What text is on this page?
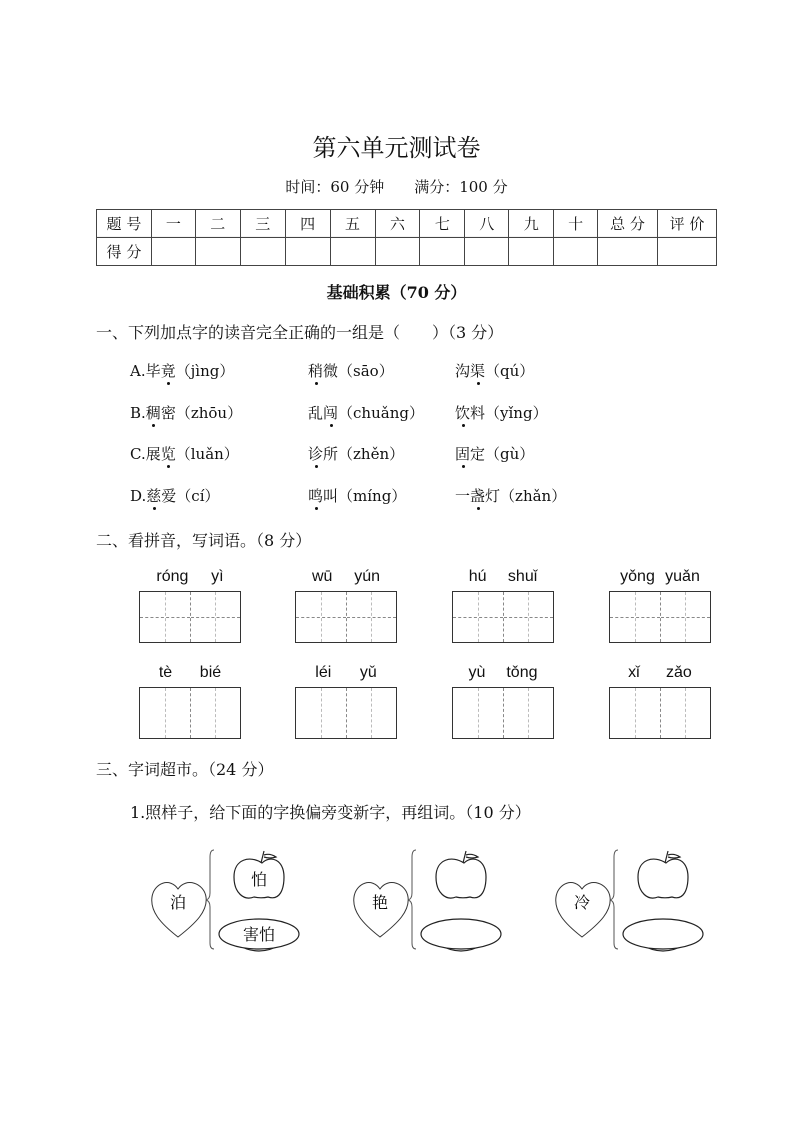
第六单元测试卷
时间：60 分钟   满分：100 分
题 号	一	二	三	四	五	六	七	八	九	十	总 分	评 价
得 分												
基础积累（70 分）
一、下列加点字的读音完全正确的一组是（　　）（3 分）
A.毕竟（jìng）	稍微（sāo）	沟渠（qú）
B.稠密（zhōu）	乱闯（chuǎng） 饮料（yǐng）
C.展览（luǎn）	诊所（zhěn）	固定（gù）
D.慈爱（cí）	鸣叫（míng）	一盏灯（zhǎn）
二、看拼音，写词语。（8 分）
róng yì	wū yún	hú shuǐ	yǒng yuǎn
tè bié	léi yǔ	yù tǒng	xǐ zǎo
三、字词超市。（24 分）
1.照样子，给下面的字换偏旁变新字，再组词。（10 分）
泊
怕
害怕
艳	冷
